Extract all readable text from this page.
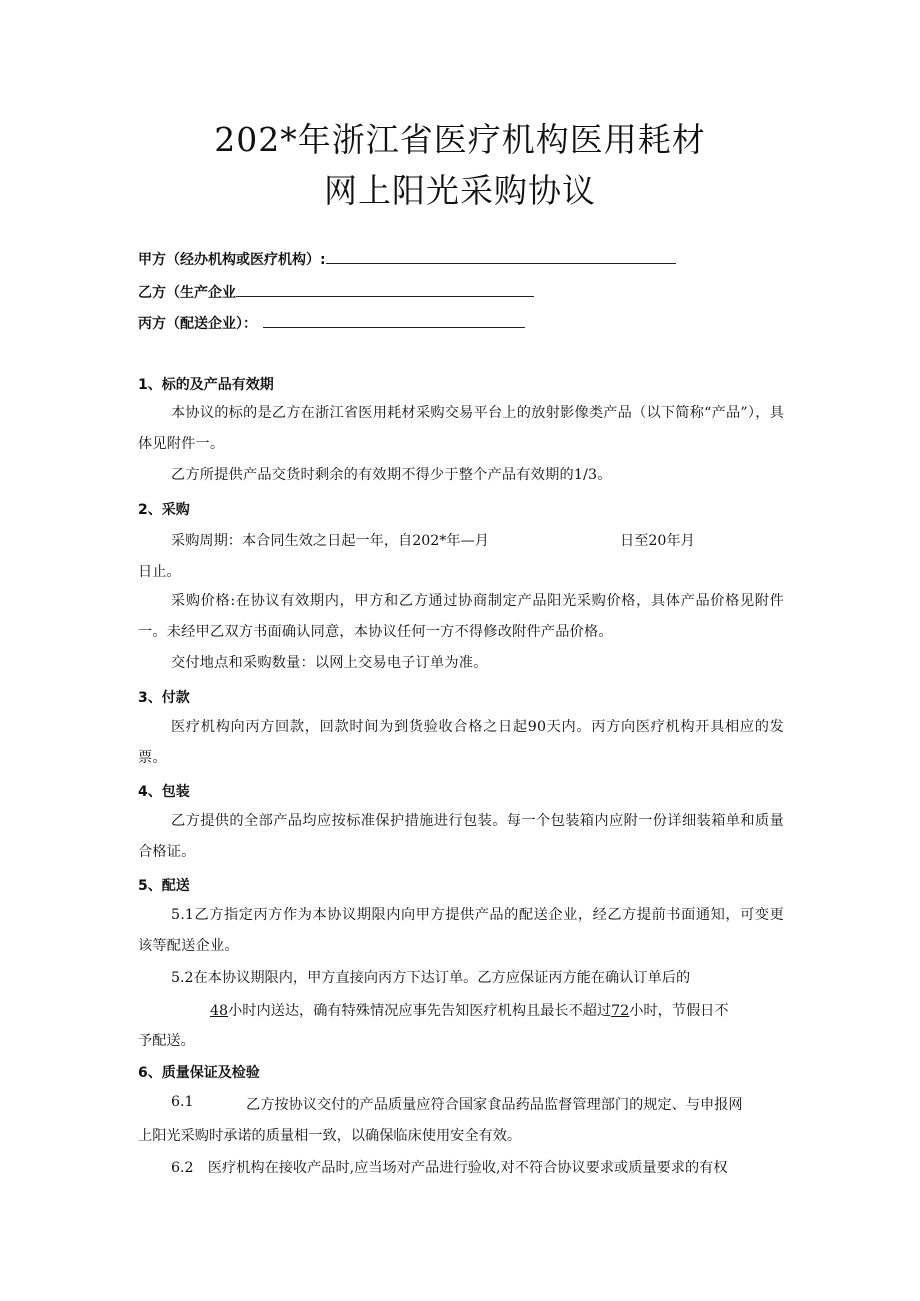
202*年浙江省医疗机构医用耗材
网上阳光采购协议
甲方（经办机构或医疗机构）:
乙方（生产企业
丙方（配送企业）：
1、标的及产品有效期
本协议的标的是乙方在浙江省医用耗材采购交易平台上的放射影像类产品（以下简称“产品”），具体见附件一。
乙方所提供产品交货时剩余的有效期不得少于整个产品有效期的1/3。
2、采购
采购周期：本合同生效之日起一年，自202*年—月	日至20年月
日止。
采购价格:在协议有效期内，甲方和乙方通过协商制定产品阳光采购价格，具体产品价格见附件一。未经甲乙双方书面确认同意，本协议任何一方不得修改附件产品价格。
交付地点和采购数量：以网上交易电子订单为准。
3、付款
医疗机构向丙方回款，回款时间为到货验收合格之日起90天内。丙方向医疗机构开具相应的发票。
4、包装
乙方提供的全部产品均应按标准保护措施进行包装。每一个包装箱内应附一份详细装箱单和质量合格证。
5、配送
5.1乙方指定丙方作为本协议期限内向甲方提供产品的配送企业，经乙方提前书面通知，可变更该等配送企业。
5.2在本协议期限内，甲方直接向丙方下达订单。乙方应保证丙方能在确认订单后的
48小时内送达，确有特殊情况应事先告知医疗机构且最长不超过72小时，节假日不
予配送。
6、质量保证及检验
6.1	乙方按协议交付的产品质量应符合国家食品药品监督管理部门的规定、与申报网
上阳光采购时承诺的质量相一致，以确保临床使用安全有效。
6.2　医疗机构在接收产品时,应当场对产品进行验收,对不符合协议要求或质量要求的有权
